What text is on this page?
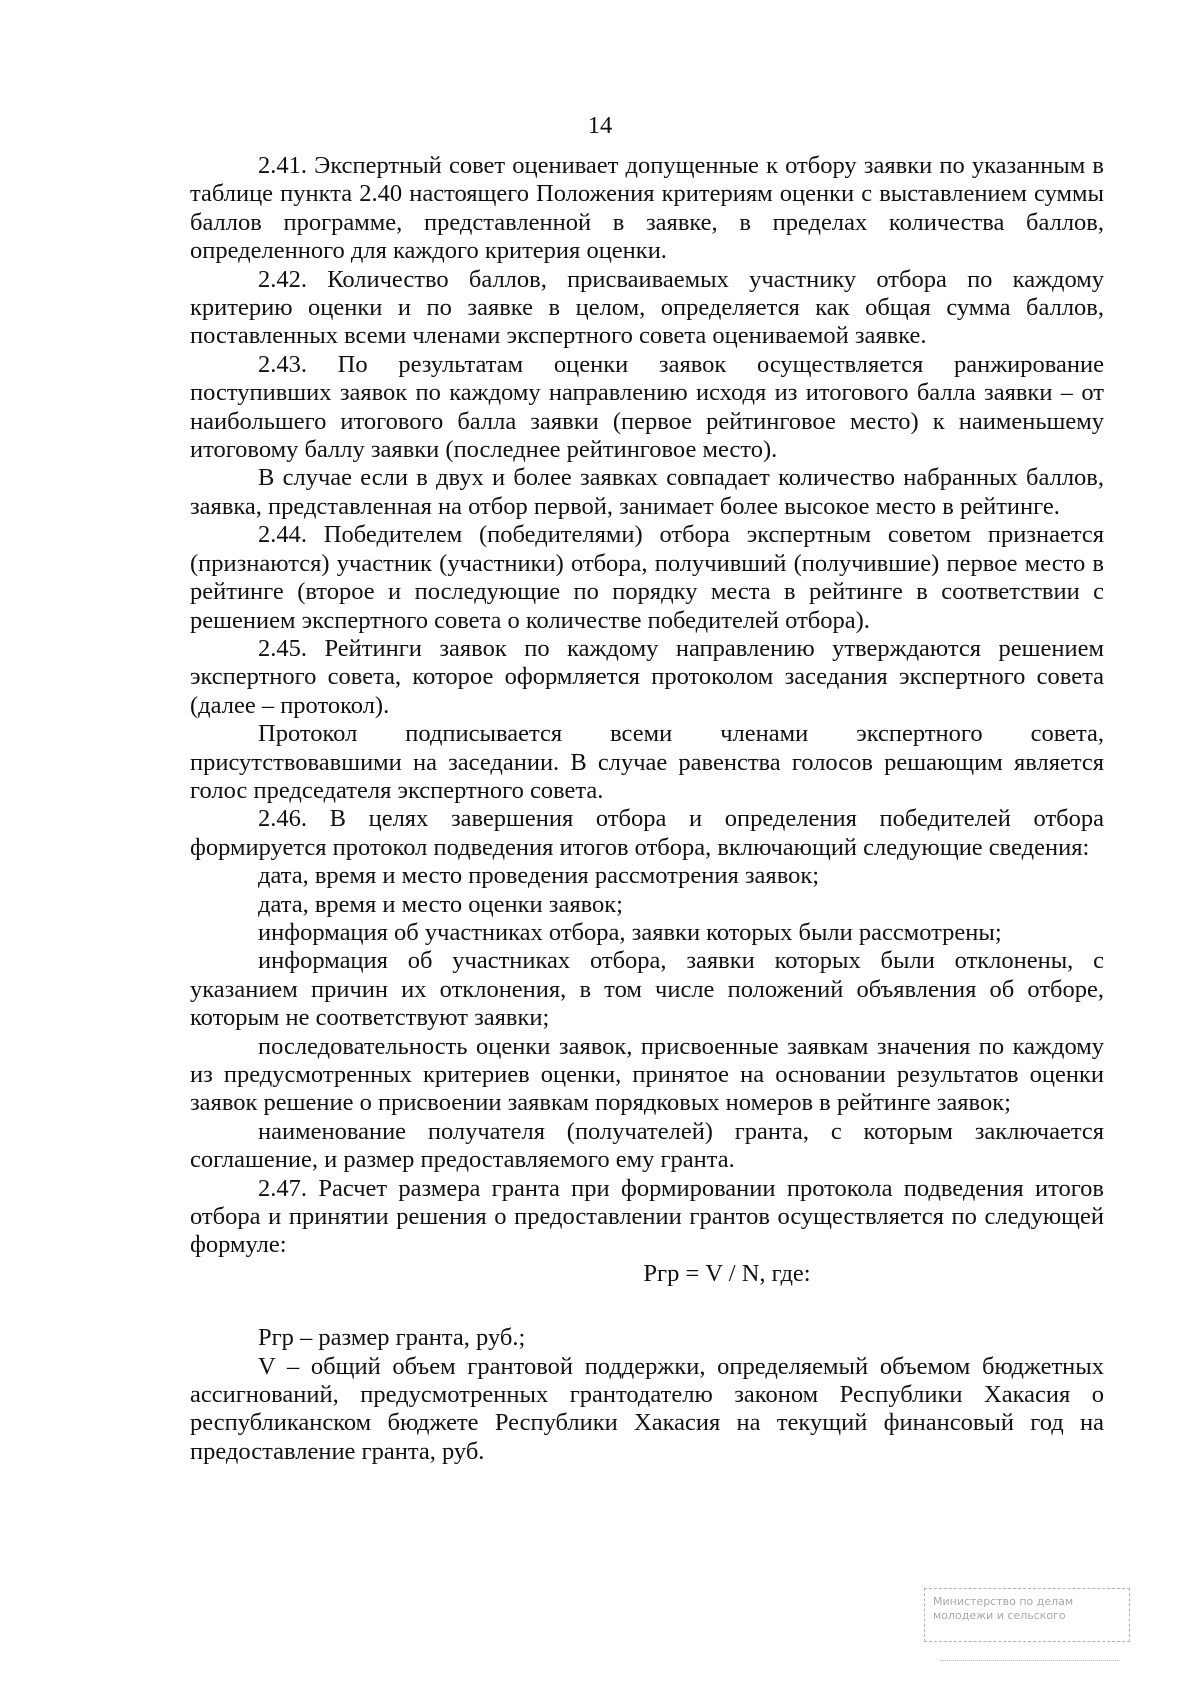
14

2.41. Экспертный совет оценивает допущенные к отбору заявки по указанным в таблице пункта 2.40 настоящего Положения критериям оценки с выставлением суммы баллов программе, представленной в заявке, в пределах количества баллов, определенного для каждого критерия оценки.

2.42. Количество баллов, присваиваемых участнику отбора по каждому критерию оценки и по заявке в целом, определяется как общая сумма баллов, поставленных всеми членами экспертного совета оцениваемой заявке.

2.43. По результатам оценки заявок осуществляется ранжирование поступивших заявок по каждому направлению исходя из итогового балла заявки – от наибольшего итогового балла заявки (первое рейтинговое место) к наименьшему итоговому баллу заявки (последнее рейтинговое место).

В случае если в двух и более заявках совпадает количество набранных баллов, заявка, представленная на отбор первой, занимает более высокое место в рейтинге.

2.44. Победителем (победителями) отбора экспертным советом признается (признаются) участник (участники) отбора, получивший (получившие) первое место в рейтинге (второе и последующие по порядку места в рейтинге в соответствии с решением экспертного совета о количестве победителей отбора).

2.45. Рейтинги заявок по каждому направлению утверждаются решением экспертного совета, которое оформляется протоколом заседания экспертного совета (далее – протокол).

Протокол подписывается всеми членами экспертного совета, присутствовавшими на заседании. В случае равенства голосов решающим является голос председателя экспертного совета.

2.46. В целях завершения отбора и определения победителей отбора формируется протокол подведения итогов отбора, включающий следующие сведения:

дата, время и место проведения рассмотрения заявок;

дата, время и место оценки заявок;

информация об участниках отбора, заявки которых были рассмотрены;

информация об участниках отбора, заявки которых были отклонены, с указанием причин их отклонения, в том числе положений объявления об отборе, которым не соответствуют заявки;

последовательность оценки заявок, присвоенные заявкам значения по каждому из предусмотренных критериев оценки, принятое на основании результатов оценки заявок решение о присвоении заявкам порядковых номеров в рейтинге заявок;

наименование получателя (получателей) гранта, с которым заключается соглашение, и размер предоставляемого ему гранта.

2.47. Расчет размера гранта при формировании протокола подведения итогов отбора и принятии решения о предоставлении грантов осуществляется по следующей формуле:

Pгр = V / N, где:

Pгр – размер гранта, руб.;

V – общий объем грантовой поддержки, определяемый объемом бюджетных ассигнований, предусмотренных грантодателю законом Республики Хакасия о республиканском бюджете Республики Хакасия на текущий финансовый год на предоставление гранта, руб.

Министерство по делам
молодежи и сельского
